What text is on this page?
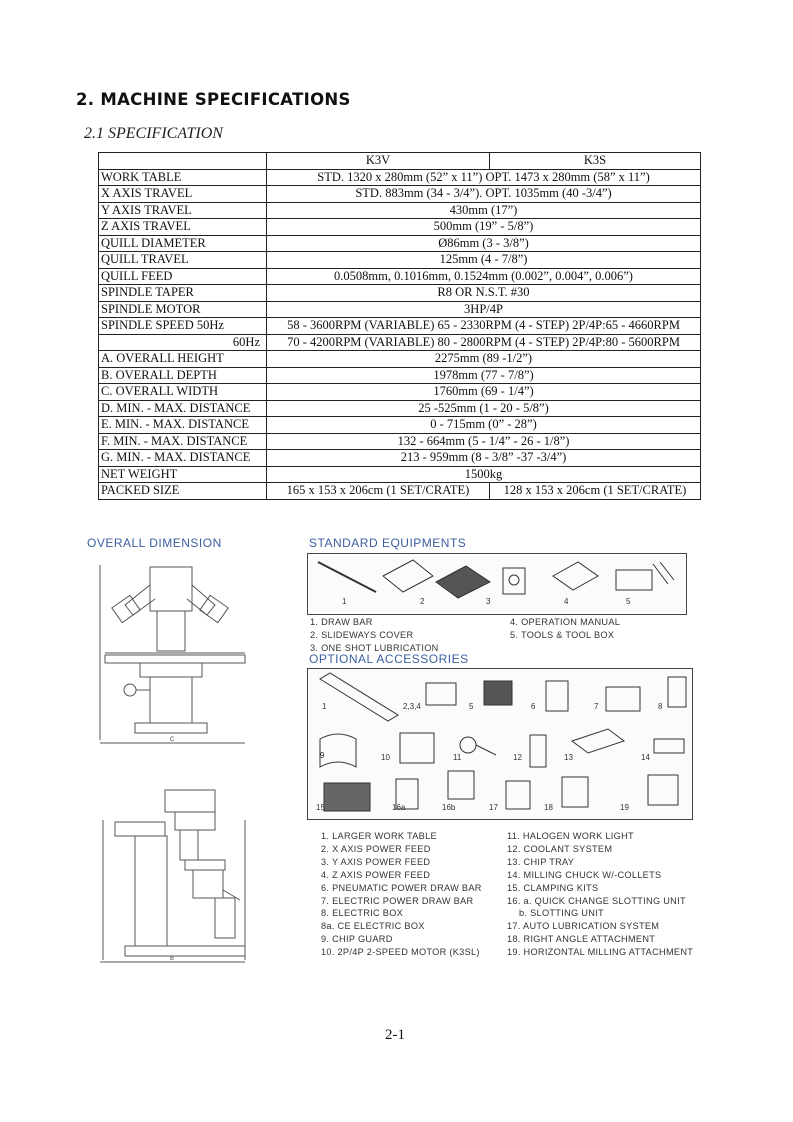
2. MACHINE SPECIFICATIONS
2.1 SPECIFICATION
	K3V	K3S
WORK TABLE	STD. 1320 x 280mm (52” x 11”) OPT. 1473 x 280mm (58” x 11”)	
X AXIS TRAVEL	STD. 883mm (34 - 3/4”). OPT. 1035mm (40 -3/4”)	
Y AXIS TRAVEL	430mm (17”)	
Z AXIS TRAVEL	500mm (19” - 5/8”)	
QUILL DIAMETER	Ø86mm (3 - 3/8”)	
QUILL TRAVEL	125mm (4 - 7/8”)	
QUILL FEED	0.0508mm, 0.1016mm, 0.1524mm (0.002”, 0.004”, 0.006”)	
SPINDLE TAPER	R8 OR N.S.T. #30	
SPINDLE MOTOR	3HP/4P	
SPINDLE SPEED 50Hz	58 - 3600RPM (VARIABLE) 65 - 2330RPM (4 - STEP) 2P/4P:65 - 4660RPM	
60Hz	70 - 4200RPM (VARIABLE) 80 - 2800RPM (4 - STEP) 2P/4P:80 - 5600RPM	
A. OVERALL HEIGHT	2275mm (89 -1/2”)	
B. OVERALL DEPTH	1978mm (77 - 7/8”)	
C. OVERALL WIDTH	1760mm (69 - 1/4”)	
D. MIN. - MAX. DISTANCE	25 -525mm (1 - 20 - 5/8”)	
E. MIN. - MAX. DISTANCE	0 - 715mm (0” - 28”)	
F. MIN. - MAX. DISTANCE	132 - 664mm (5 - 1/4” - 26 - 1/8”)	
G. MIN. - MAX. DISTANCE	213 - 959mm (8 - 3/8” -37 -3/4”)	
NET WEIGHT	1500kg	
PACKED SIZE	165 x 153 x 206cm (1 SET/CRATE)	128 x 153 x 206cm (1 SET/CRATE)
OVERALL DIMENSION
C
B
STANDARD EQUIPMENTS
1	2	3	4	5
1. DRAW BAR
2. SLIDEWAYS COVER
3. ONE SHOT LUBRICATION
4. OPERATION MANUAL
5. TOOLS & TOOL BOX
OPTIONAL ACCESSORIES
1	2,3,4	5	6	7	8
9	10	11	12	13	14
15	16a	16b	17	18	19
1. LARGER WORK TABLE
2. X AXIS POWER FEED
3. Y AXIS POWER FEED
4. Z AXIS POWER FEED
6. PNEUMATIC POWER DRAW BAR
7. ELECTRIC POWER DRAW BAR
8. ELECTRIC BOX
8a. CE ELECTRIC BOX
9. CHIP GUARD
10. 2P/4P 2-SPEED MOTOR (K3SL)
11. HALOGEN WORK LIGHT
12. COOLANT SYSTEM
13. CHIP TRAY
14. MILLING CHUCK W/-COLLETS
15. CLAMPING KITS
16. a. QUICK CHANGE SLOTTING UNIT
b. SLOTTING UNIT
17. AUTO LUBRICATION SYSTEM
18. RIGHT ANGLE ATTACHMENT
19. HORIZONTAL MILLING ATTACHMENT
2-1
